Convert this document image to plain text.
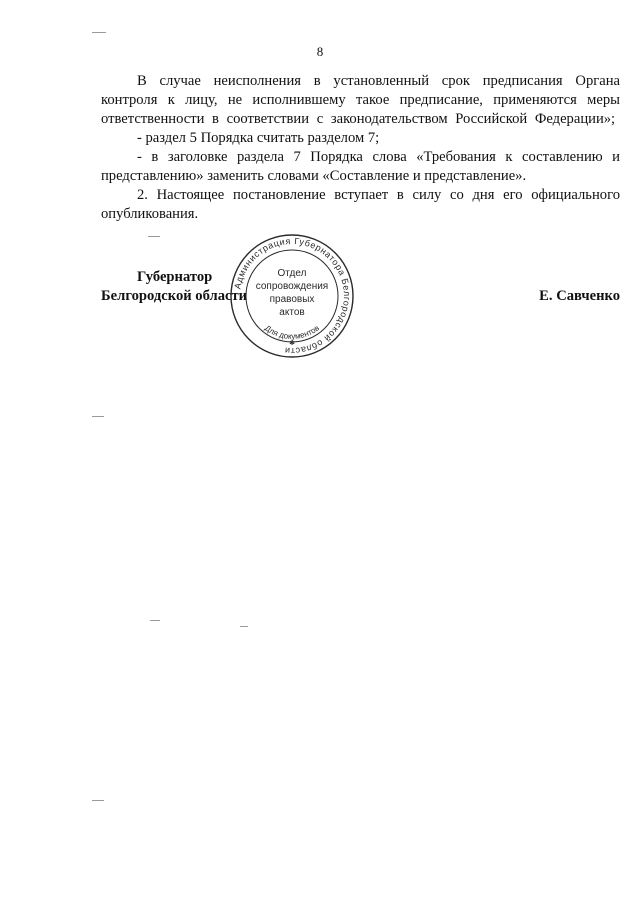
8

В случае неисполнения в установленный срок предписания Органа контроля к лицу, не исполнившему такое предписание, применяются меры ответственности в соответствии с законодательством Российской Федерации»;

- раздел 5 Порядка считать разделом 7;

- в заголовке раздела 7 Порядка слова «Требования к составлению и представлению» заменить словами «Составление и представление».

2. Настоящее постановление вступает в силу со дня его официального опубликования.

Губернатор
Белгородской области	Е. Савченко
Администрация Губернатора Белгородской области
Отдел
сопровождения
правовых
актов
Для документов
✱
